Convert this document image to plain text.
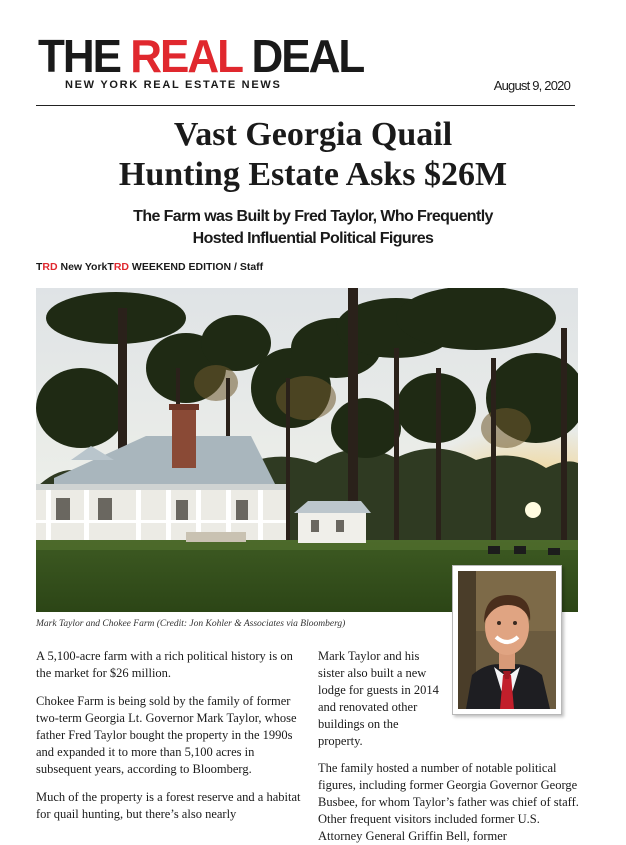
THE REAL DEAL
NEW YORK REAL ESTATE NEWS	August 9, 2020
Vast Georgia Quail
Hunting Estate Asks $26M
The Farm was Built by Fred Taylor, Who Frequently
Hosted Influential Political Figures
TRD New YorkTRD WEEKEND EDITION / Staff
Mark Taylor and Chokee Farm (Credit: Jon Kohler & Associates via Bloomberg)

A 5,100-acre farm with a rich political history is on the market for $26 million.

Chokee Farm is being sold by the family of former two-term Georgia Lt. Governor Mark Taylor, whose father Fred Taylor bought the property in the 1990s and expanded it to more than 5,100 acres in subsequent years, according to Bloomberg.

Much of the property is a forest reserve and a habitat for quail hunting, but there’s also nearly

Mark Taylor and his sister also built a new lodge for guests in 2014 and renovated other buildings on the property.

The family hosted a number of notable political figures, including former Georgia Governor George Busbee, for whom Taylor’s father was chief of staff. Other frequent visitors included former U.S. Attorney General Griffin Bell, former
